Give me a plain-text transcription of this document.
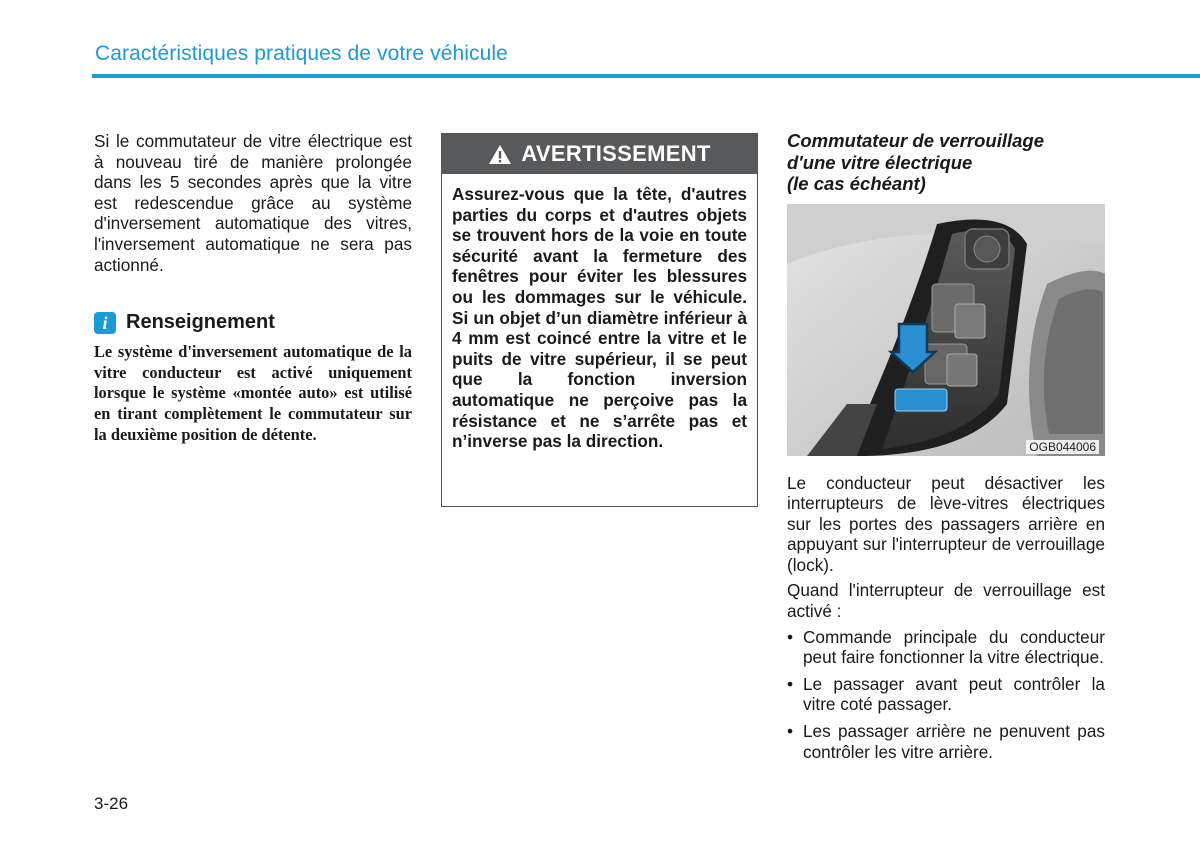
Caractéristiques pratiques de votre véhicule

Si le commutateur de vitre électrique est à nouveau tiré de manière prolongée dans les 5 secondes après que la vitre est redescendue grâce au système d'inversement automatique des vitres, l'inversement automatique ne sera pas actionné.

i Renseignement

Le système d'inversement automatique de la vitre conducteur est activé uniquement lorsque le système «montée auto» est utilisé en tirant complètement le commutateur sur la deuxième position de détente.

AVERTISSEMENT
Assurez-vous que la tête, d'autres parties du corps et d'autres objets se trouvent hors de la voie en toute sécurité avant la fermeture des fenêtres pour éviter les blessures ou les dommages sur le véhicule. Si un objet d’un diamètre inférieur à 4 mm est coincé entre la vitre et le puits de vitre supérieur, il se peut que la fonction inversion automatique ne perçoive pas la résistance et ne s’arrête pas et n’inverse pas la direction.

Commutateur de verrouillage
d'une vitre électrique
(le cas échéant)

OGB044006

Le conducteur peut désactiver les interrupteurs de lève-vitres électriques sur les portes des passagers arrière en appuyant sur l'interrupteur de verrouillage (lock).

Quand l'interrupteur de verrouillage est activé :

• Commande principale du conducteur peut faire fonctionner la vitre électrique.
• Le passager avant peut contrôler la vitre coté passager.
• Les passager arrière ne penuvent pas contrôler les vitre arrière.
3-26
